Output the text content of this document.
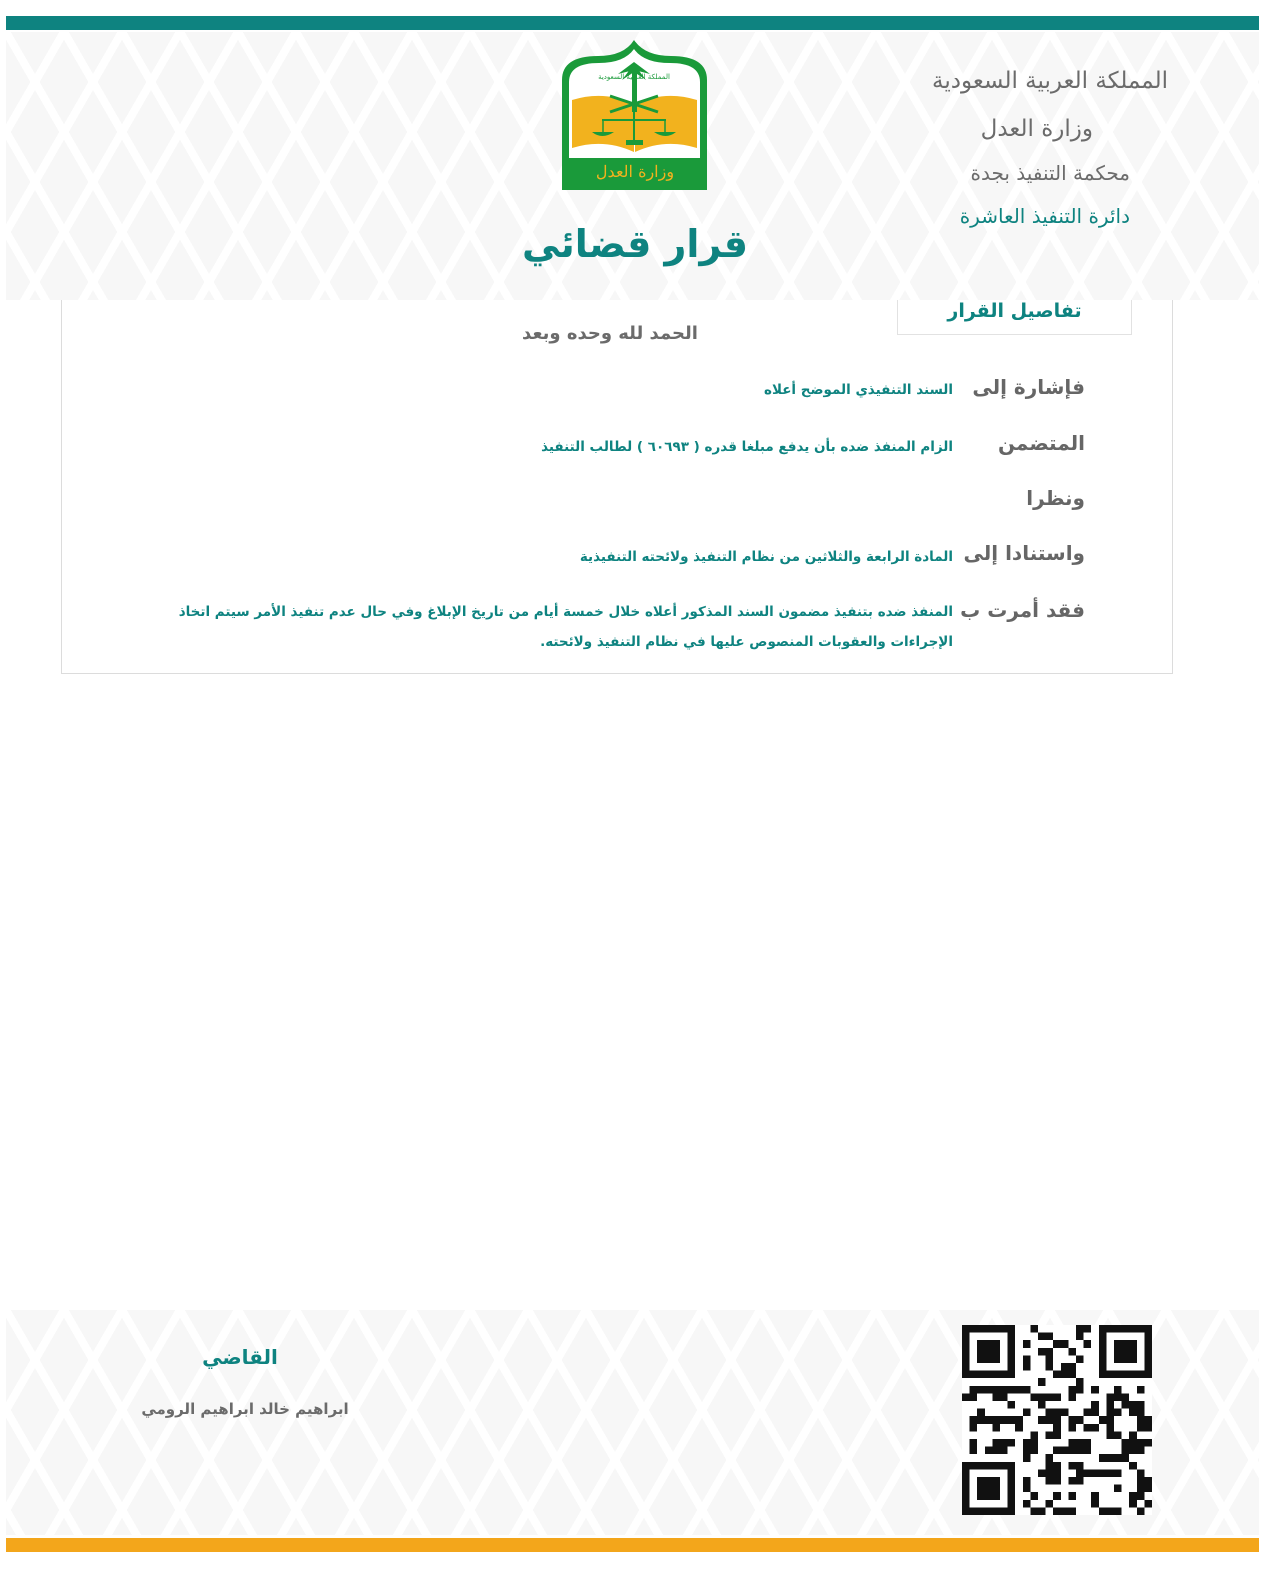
المملكة العربية السعودية
وزارة العدل
محكمة التنفيذ بجدة
دائرة التنفيذ العاشرة
المملكة العربية السعودية
وزارة العدل
قرار قضائي
تفاصيل القرار
الحمد لله وحده وبعد
فإشارة إلى
السند التنفيذي الموضح أعلاه
المتضمن
الزام المنفذ ضده بأن يدفع مبلغا قدره ( ٦٠٦٩٣ ) لطالب التنفيذ
ونظرا
واستنادا إلى
المادة الرابعة والثلاثين من نظام التنفيذ ولائحته التنفيذية
فقد أمرت ب
المنفذ ضده بتنفيذ مضمون السند المذكور أعلاه خلال خمسة أيام من تاريخ الإبلاغ وفي حال عدم تنفيذ الأمر سيتم اتخاذ الإجراءات والعقوبات المنصوص عليها في نظام التنفيذ ولائحته.
القاضي
ابراهيم خالد ابراهيم الرومي
